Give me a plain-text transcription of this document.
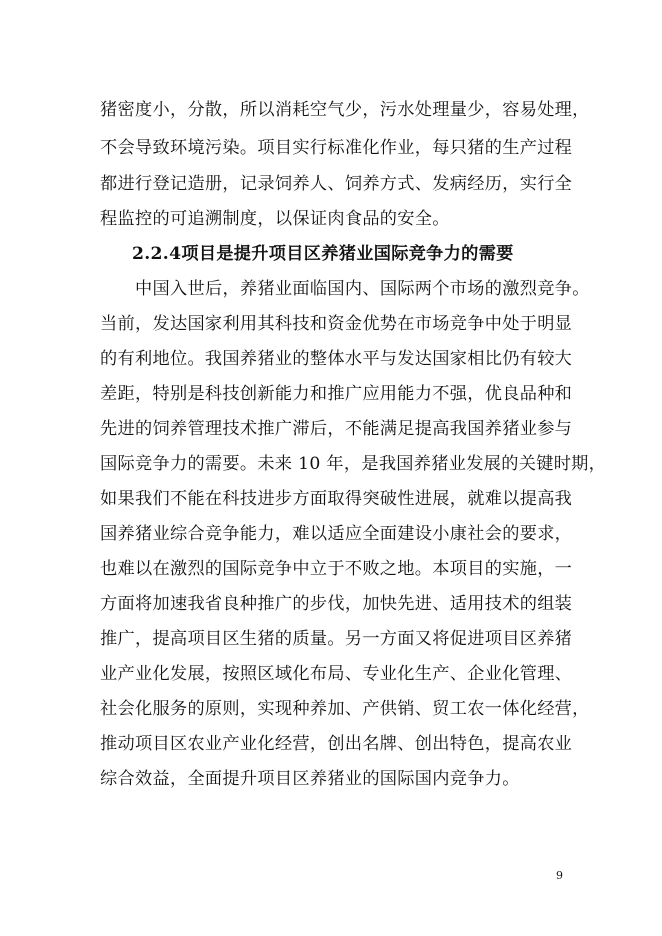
猪密度小，分散，所以消耗空气少，污水处理量少，容易处理，
不会导致环境污染。项目实行标准化作业，每只猪的生产过程
都进行登记造册，记录饲养人、饲养方式、发病经历，实行全
程监控的可追溯制度，以保证肉食品的安全。
2.2.4项目是提升项目区养猪业国际竞争力的需要
中国入世后，养猪业面临国内、国际两个市场的激烈竞争。
当前，发达国家利用其科技和资金优势在市场竞争中处于明显
的有利地位。我国养猪业的整体水平与发达国家相比仍有较大
差距，特别是科技创新能力和推广应用能力不强，优良品种和
先进的饲养管理技术推广滞后，不能满足提高我国养猪业参与
国际竞争力的需要。未来 10 年，是我国养猪业发展的关键时期，
如果我们不能在科技进步方面取得突破性进展，就难以提高我
国养猪业综合竞争能力，难以适应全面建设小康社会的要求，
也难以在激烈的国际竞争中立于不败之地。本项目的实施，一
方面将加速我省良种推广的步伐，加快先进、适用技术的组装
推广，提高项目区生猪的质量。另一方面又将促进项目区养猪
业产业化发展，按照区域化布局、专业化生产、企业化管理、
社会化服务的原则，实现种养加、产供销、贸工农一体化经营，
推动项目区农业产业化经营，创出名牌、创出特色，提高农业
综合效益，全面提升项目区养猪业的国际国内竞争力。
9
